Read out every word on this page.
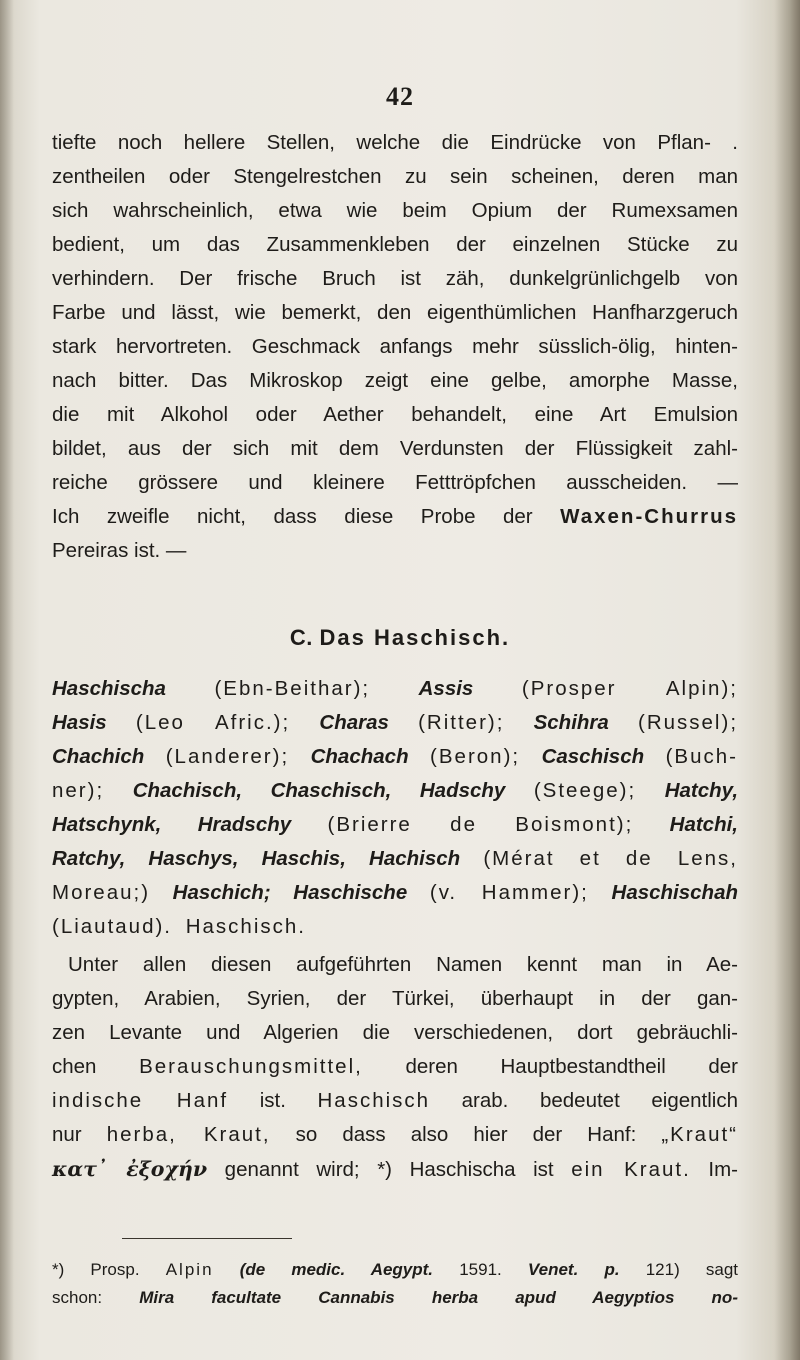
42
tiefte noch hellere Stellen, welche die Eindrücke von Pflan- .
zentheilen oder Stengelrestchen zu sein scheinen, deren man
sich wahrscheinlich, etwa wie beim Opium der Rumexsamen
bedient, um das Zusammenkleben der einzelnen Stücke zu
verhindern. Der frische Bruch ist zäh, dunkelgrünlichgelb von
Farbe und lässt, wie bemerkt, den eigenthümlichen Hanfharzgeruch
stark hervortreten. Geschmack anfangs mehr süsslich-ölig, hinten-
nach bitter. Das Mikroskop zeigt eine gelbe, amorphe Masse,
die mit Alkohol oder Aether behandelt, eine Art Emulsion
bildet, aus der sich mit dem Verdunsten der Flüssigkeit zahl-
reiche grössere und kleinere Fetttröpfchen ausscheiden. —
Ich zweifle nicht, dass diese Probe der Waxen-Churrus
Pereiras ist. —
C. Das Haschisch.
Haschischa (Ebn-Beithar); Assis (Prosper Alpin);
Hasis (Leo Afric.); Charas (Ritter); Schihra (Russel);
Chachich (Landerer); Chachach (Beron); Caschisch (Buch-
ner); Chachisch, Chaschisch, Hadschy (Steege); Hatchy,
Hatschynk, Hradschy (Brierre de Boismont); Hatchi,
Ratchy, Haschys, Haschis, Hachisch (Mérat et de Lens,
Moreau;) Haschich; Haschische (v. Hammer); Haschischah
(Liautaud). Haschisch.
Unter allen diesen aufgeführten Namen kennt man in Ae-
gypten, Arabien, Syrien, der Türkei, überhaupt in der gan-
zen Levante und Algerien die verschiedenen, dort gebräuchli-
chen Berauschungsmittel, deren Hauptbestandtheil der
indische Hanf ist. Haschisch arab. bedeutet eigentlich
nur herba, Kraut, so dass also hier der Hanf: „Kraut“
κατ᾽ ἐξοχήν genannt wird; *) Haschischa ist ein Kraut. Im-
*) Prosp. Alpin (de medic. Aegypt. 1591. Venet. p. 121) sagt
schon: Mira facultate Cannabis herba apud Aegyptios no-
